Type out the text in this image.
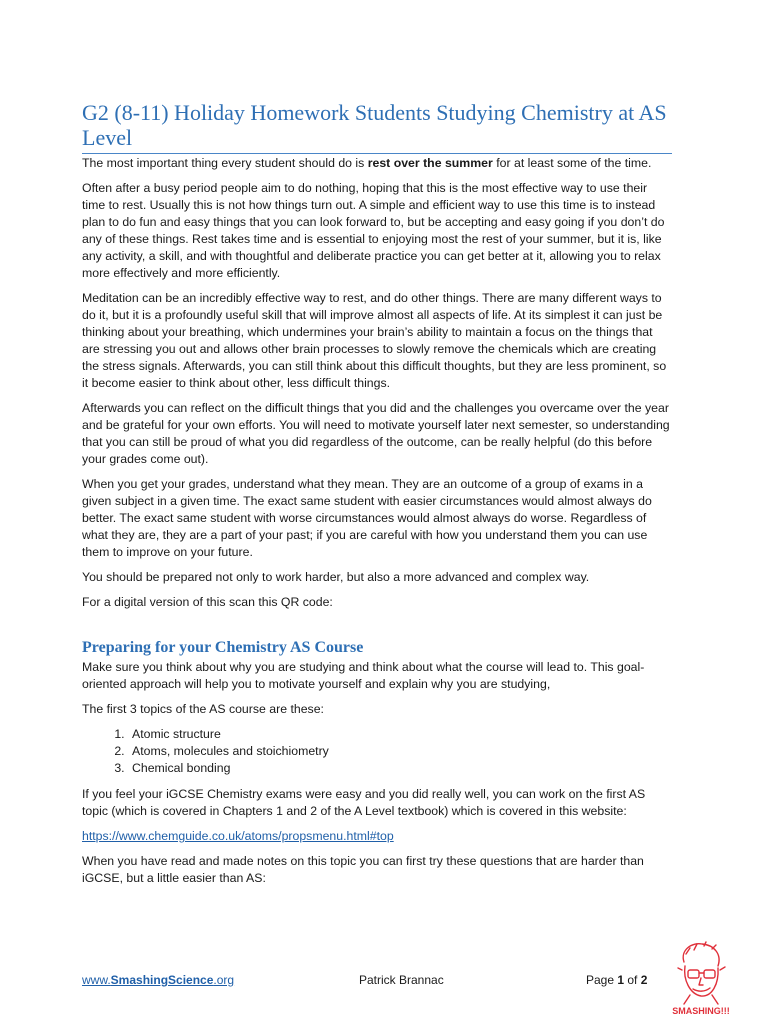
G2 (8-11) Holiday Homework Students Studying Chemistry at AS Level

The most important thing every student should do is rest over the summer for at least some of the time.

Often after a busy period people aim to do nothing, hoping that this is the most effective way to use their time to rest. Usually this is not how things turn out. A simple and efficient way to use this time is to instead plan to do fun and easy things that you can look forward to, but be accepting and easy going if you don’t do any of these things. Rest takes time and is essential to enjoying most the rest of your summer, but it is, like any activity, a skill, and with thoughtful and deliberate practice you can get better at it, allowing you to relax more effectively and more efficiently.

Meditation can be an incredibly effective way to rest, and do other things. There are many different ways to do it, but it is a profoundly useful skill that will improve almost all aspects of life. At its simplest it can just be thinking about your breathing, which undermines your brain’s ability to maintain a focus on the things that are stressing you out and allows other brain processes to slowly remove the chemicals which are creating the stress signals. Afterwards, you can still think about this difficult thoughts, but they are less prominent, so it become easier to think about other, less difficult things.

Afterwards you can reflect on the difficult things that you did and the challenges you overcame over the year and be grateful for your own efforts. You will need to motivate yourself later next semester, so understanding that you can still be proud of what you did regardless of the outcome, can be really helpful (do this before your grades come out).

When you get your grades, understand what they mean. They are an outcome of a group of exams in a given subject in a given time. The exact same student with easier circumstances would almost always do better. The exact same student with worse circumstances would almost always do worse. Regardless of what they are, they are a part of your past; if you are careful with how you understand them you can use them to improve on your future.

You should be prepared not only to work harder, but also a more advanced and complex way.

For a digital version of this scan this QR code:

Preparing for your Chemistry AS Course

Make sure you think about why you are studying and think about what the course will lead to. This goal-oriented approach will help you to motivate yourself and explain why you are studying,

The first 3 topics of the AS course are these:

1. Atomic structure
2. Atoms, molecules and stoichiometry
3. Chemical bonding

If you feel your iGCSE Chemistry exams were easy and you did really well, you can work on the first AS topic (which is covered in Chapters 1 and 2 of the A Level textbook) which is covered in this website:

https://www.chemguide.co.uk/atoms/propsmenu.html#top

When you have read and made notes on this topic you can first try these questions that are harder than iGCSE, but a little easier than AS:

www.SmashingScience.org	Patrick Brannac	Page 1 of 2
SMASHING!!!
